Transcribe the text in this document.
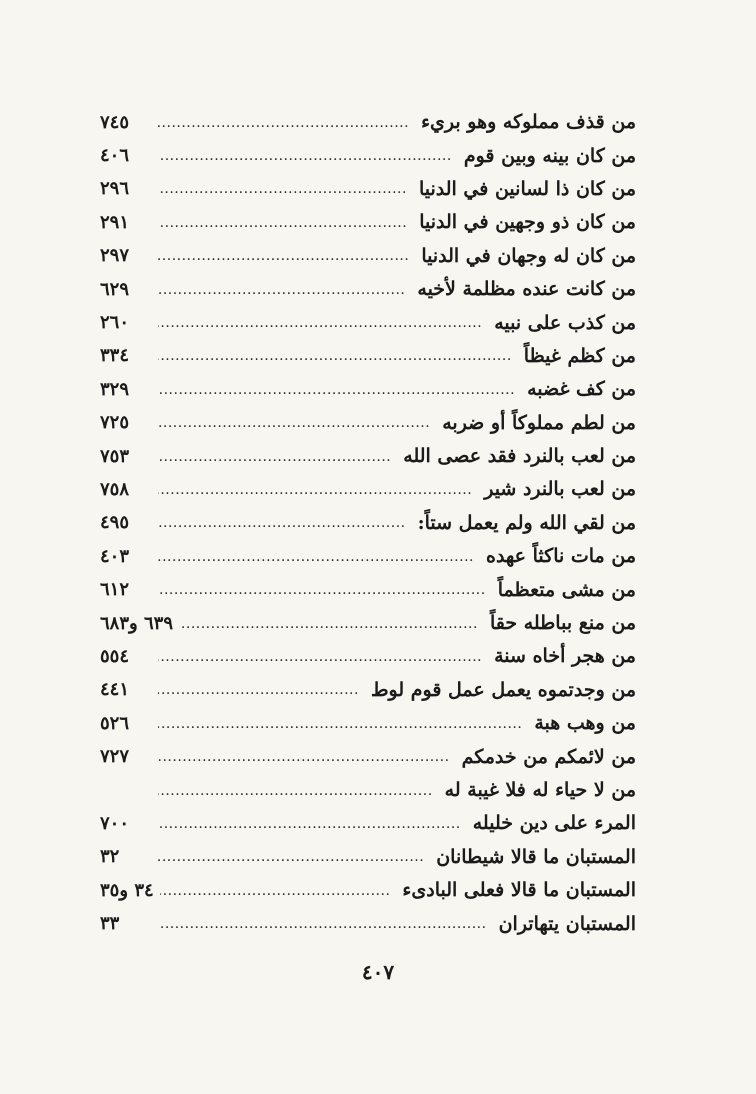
من قذف مملوكه وهو بريء
.....
٧٤٥
من كان بينه وبين قوم
.....
٤٠٦
من كان ذا لسانين في الدنيا
.....
٢٩٦
من كان ذو وجهين في الدنيا
.....
٢٩١
من كان له وجهان في الدنيا
.....
٢٩٧
من كانت عنده مظلمة لأخيه
.....
٦٢٩
من كذب على نبيه
.....
٢٦٠
من كظم غيظاً
.....
٣٣٤
من كف غضبه
.....
٣٢٩
من لطم مملوكاً أو ضربه
.....
٧٢٥
من لعب بالنرد فقد عصى الله
.....
٧٥٣
من لعب بالنرد شير
.....
٧٥٨
من لقي الله ولم يعمل ستاً:
.....
٤٩٥
من مات ناكثاً عهده
.....
٤٠٣
من مشى متعظماً
.....
٦١٢
من منع بباطله حقاً
.....
٦٣٩ و٦٨٣
من هجر أخاه سنة
.....
٥٥٤
من وجدتموه يعمل عمل قوم لوط
.....
٤٤١
من وهب هبة
.....
٥٢٦
من لائمكم من خدمكم
.....
٧٢٧
من لا حياء له فلا غيبة له
.....
المرء على دين خليله
.....
٧٠٠
المستبان ما قالا شيطانان
.....
٣٢
المستبان ما قالا فعلى البادىء
.....
٣٤ و٣٥
المستبان يتهاتران
.....
٣٣
٤٠٧
